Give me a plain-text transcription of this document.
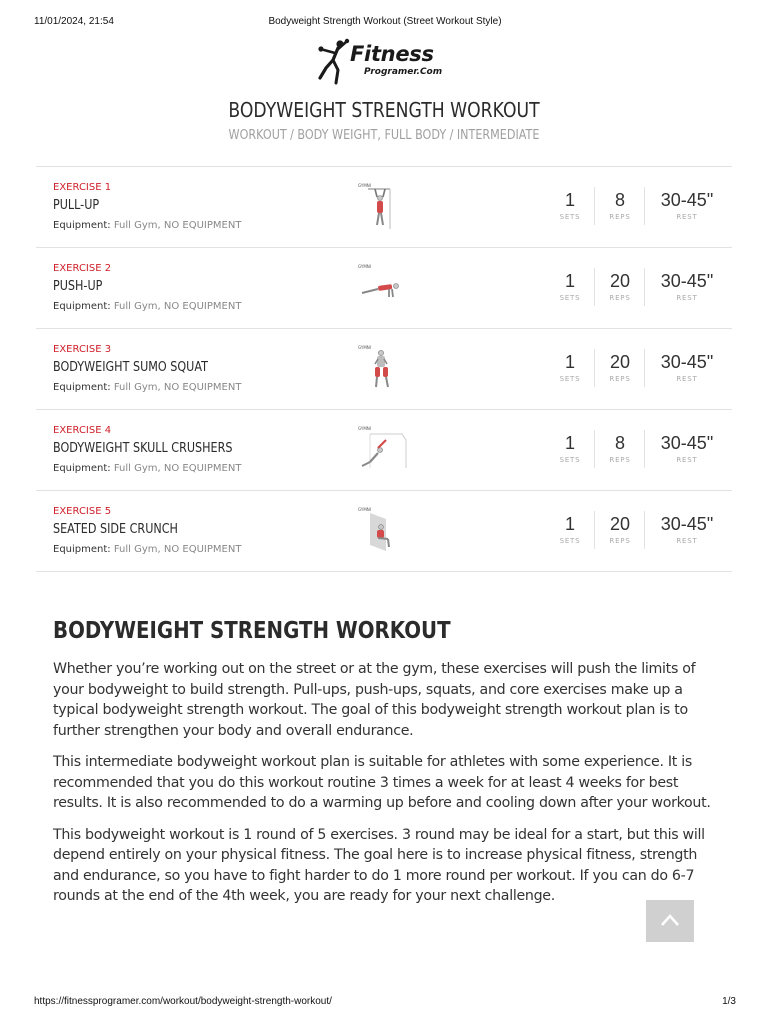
11/01/2024, 21:54	Bodyweight Strength Workout (Street Workout Style)
Fitness
Programer.Com
BODYWEIGHT STRENGTH WORKOUT
WORKOUT / BODY WEIGHT, FULL BODY / INTERMEDIATE
EXERCISE 1
PULL-UP
Equipment: Full Gym, NO EQUIPMENT
GYMNI
1
SETS
8
REPS
30-45"
REST
EXERCISE 2
PUSH-UP
Equipment: Full Gym, NO EQUIPMENT
GYMNI
1
SETS
20
REPS
30-45"
REST
EXERCISE 3
BODYWEIGHT SUMO SQUAT
Equipment: Full Gym, NO EQUIPMENT
GYMNI
1
SETS
20
REPS
30-45"
REST
EXERCISE 4
BODYWEIGHT SKULL CRUSHERS
Equipment: Full Gym, NO EQUIPMENT
GYMNI
1
SETS
8
REPS
30-45"
REST
EXERCISE 5
SEATED SIDE CRUNCH
Equipment: Full Gym, NO EQUIPMENT
GYMNI
1
SETS
20
REPS
30-45"
REST
BODYWEIGHT STRENGTH WORKOUT

Whether you’re working out on the street or at the gym, these exercises will push the limits of your bodyweight to build strength. Pull-ups, push-ups, squats, and core exercises make up a typical bodyweight strength workout. The goal of this bodyweight strength workout plan is to further strengthen your body and overall endurance.

This intermediate bodyweight workout plan is suitable for athletes with some experience. It is recommended that you do this workout routine 3 times a week for at least 4 weeks for best results. It is also recommended to do a warming up before and cooling down after your workout.

This bodyweight workout is 1 round of 5 exercises. 3 round may be ideal for a start, but this will depend entirely on your physical fitness. The goal here is to increase physical fitness, strength and endurance, so you have to fight harder to do 1 more round per workout. If you can do 6-7 rounds at the end of the 4th week, you are ready for your next challenge.

https://fitnessprogramer.com/workout/bodyweight-strength-workout/	1/3
